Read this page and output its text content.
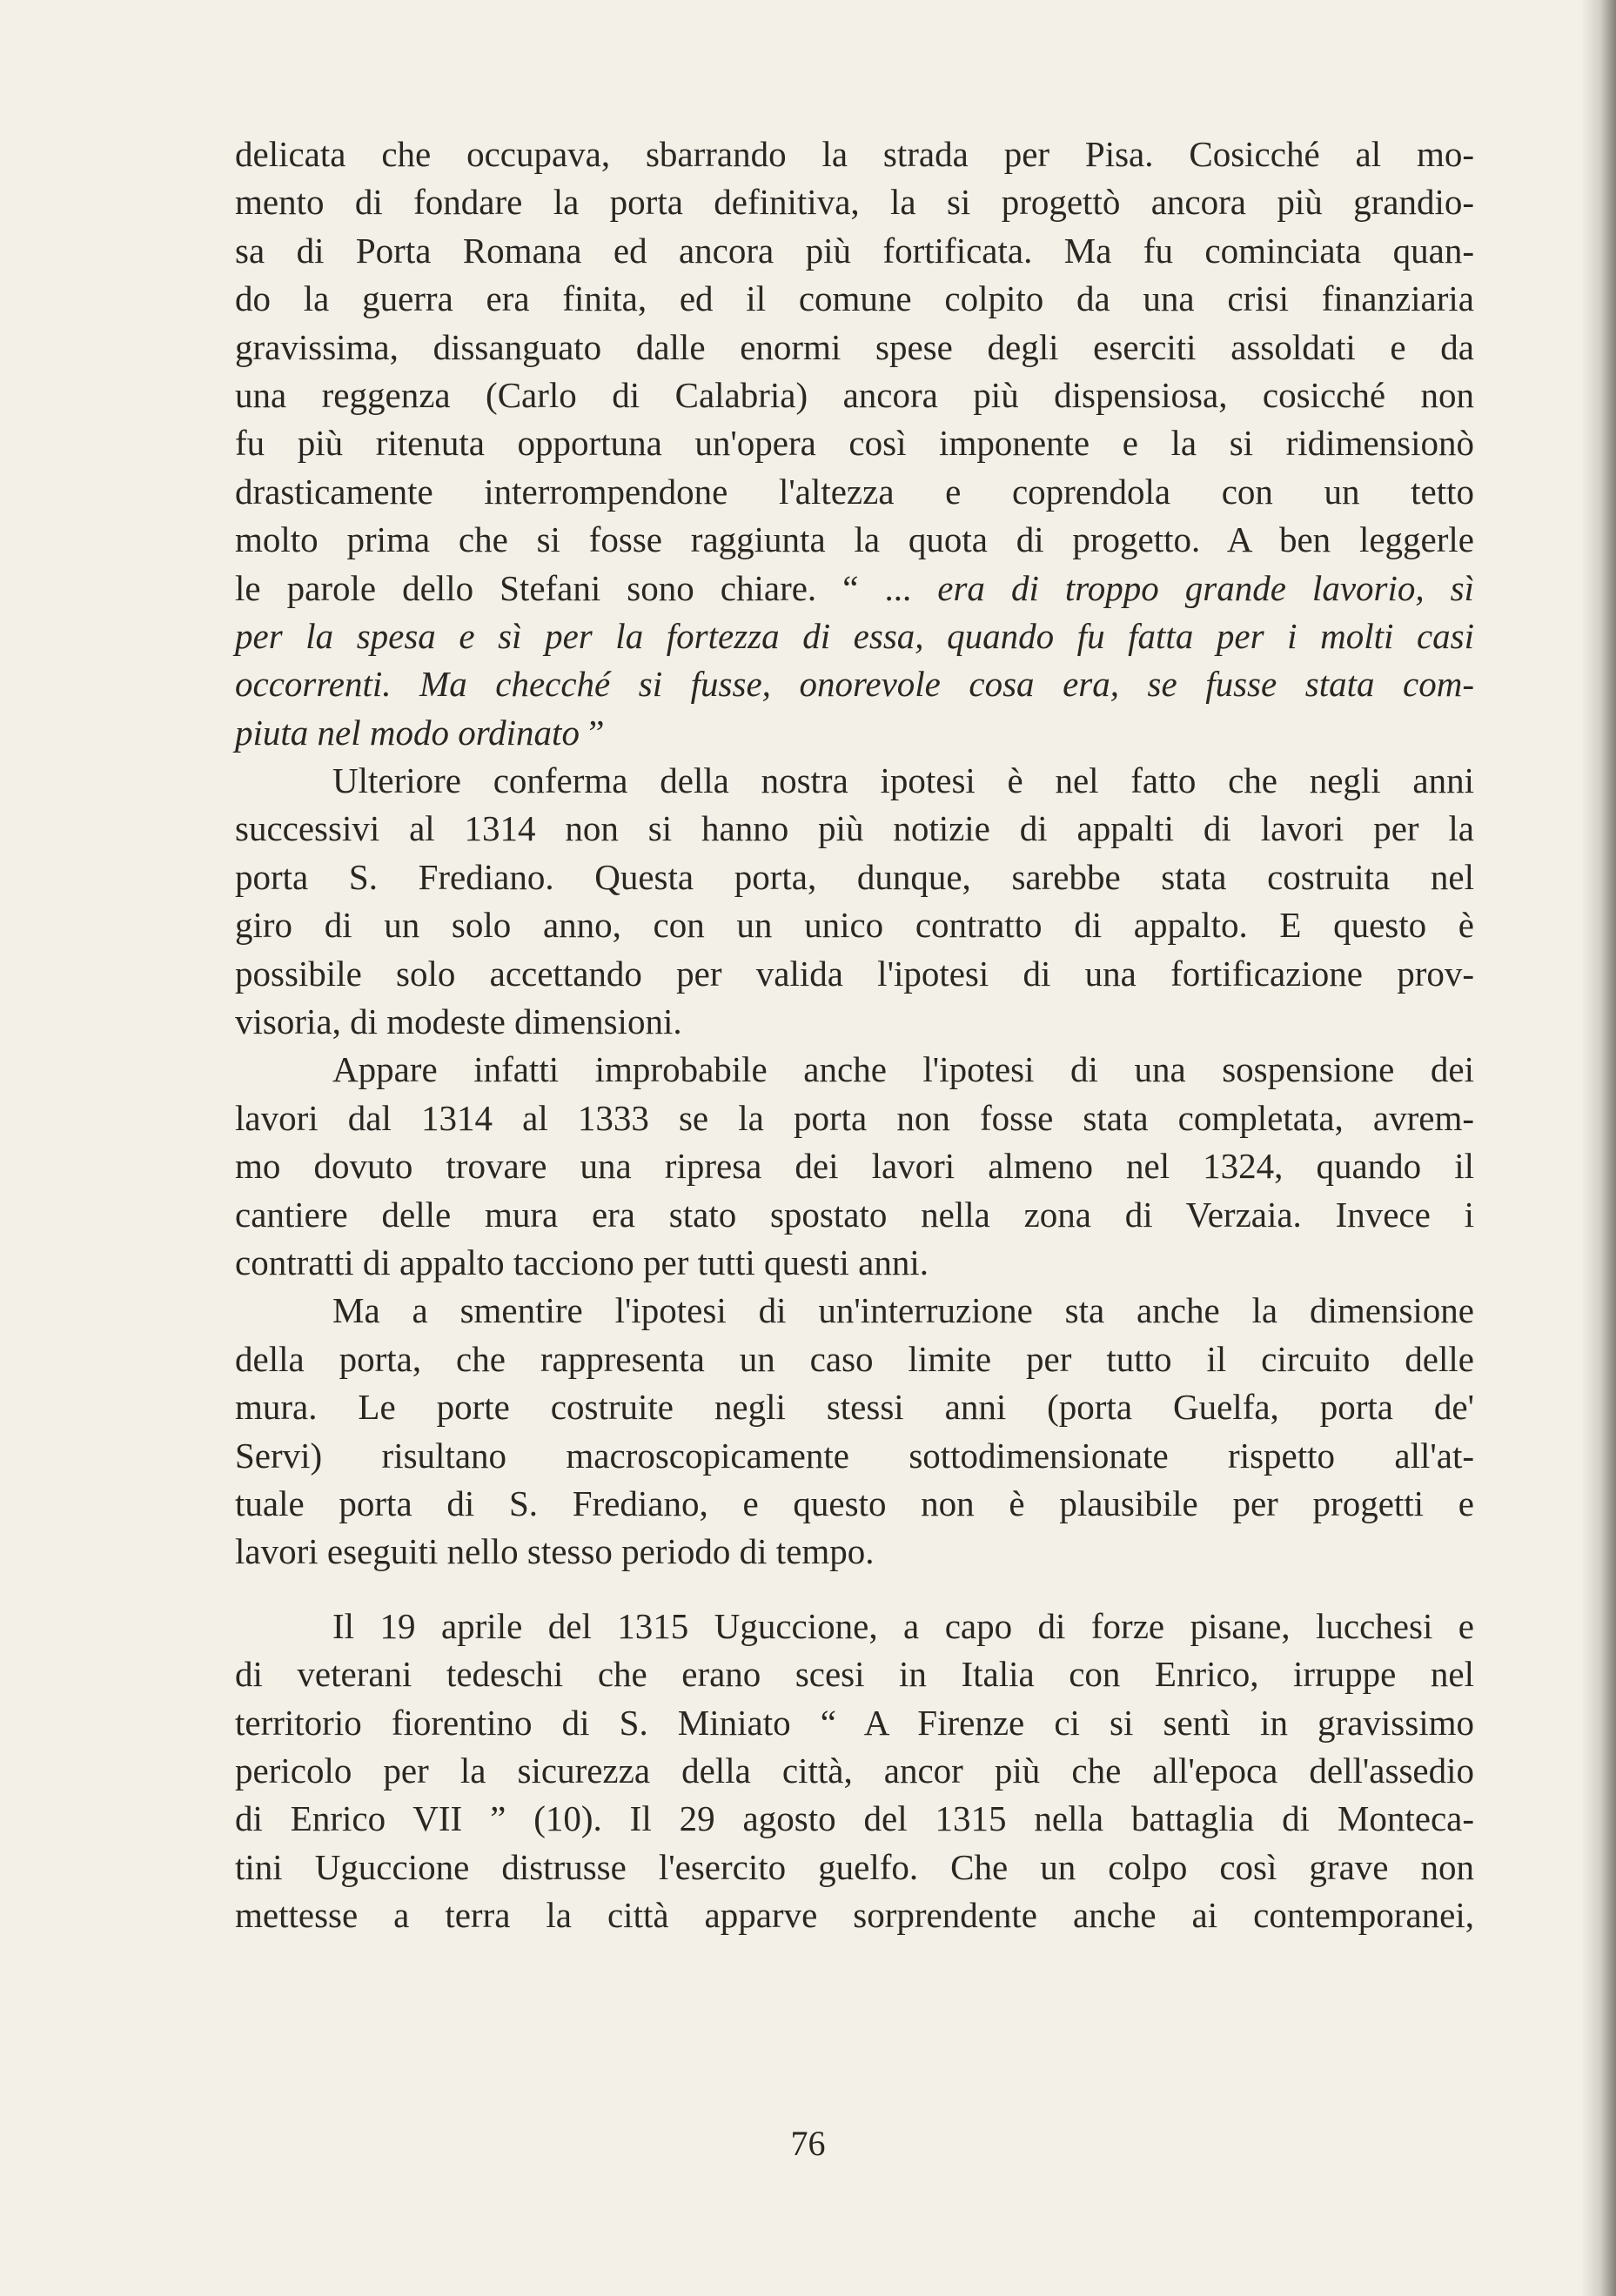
delicata che occupava, sbarrando la strada per Pisa. Cosicché al mo-
mento di fondare la porta definitiva, la si progettò ancora più grandio-
sa di Porta Romana ed ancora più fortificata. Ma fu cominciata quan-
do la guerra era finita, ed il comune colpito da una crisi finanziaria
gravissima, dissanguato dalle enormi spese degli eserciti assoldati e da
una reggenza (Carlo di Calabria) ancora più dispensiosa, cosicché non
fu più ritenuta opportuna un'opera così imponente e la si ridimensionò
drasticamente interrompendone l'altezza e coprendola con un tetto
molto prima che si fosse raggiunta la quota di progetto. A ben leggerle
le parole dello Stefani sono chiare. “ ... era di troppo grande lavorio, sì
per la spesa e sì per la fortezza di essa, quando fu fatta per i molti casi
occorrenti. Ma checché si fusse, onorevole cosa era, se fusse stata com-
piuta nel modo ordinato ”
Ulteriore conferma della nostra ipotesi è nel fatto che negli anni
successivi al 1314 non si hanno più notizie di appalti di lavori per la
porta S. Frediano. Questa porta, dunque, sarebbe stata costruita nel
giro di un solo anno, con un unico contratto di appalto. E questo è
possibile solo accettando per valida l'ipotesi di una fortificazione prov-
visoria, di modeste dimensioni.
Appare infatti improbabile anche l'ipotesi di una sospensione dei
lavori dal 1314 al 1333 se la porta non fosse stata completata, avrem-
mo dovuto trovare una ripresa dei lavori almeno nel 1324, quando il
cantiere delle mura era stato spostato nella zona di Verzaia. Invece i
contratti di appalto tacciono per tutti questi anni.
Ma a smentire l'ipotesi di un'interruzione sta anche la dimensione
della porta, che rappresenta un caso limite per tutto il circuito delle
mura. Le porte costruite negli stessi anni (porta Guelfa, porta de'
Servi) risultano macroscopicamente sottodimensionate rispetto all'at-
tuale porta di S. Frediano, e questo non è plausibile per progetti e
lavori eseguiti nello stesso periodo di tempo.
Il 19 aprile del 1315 Uguccione, a capo di forze pisane, lucchesi e
di veterani tedeschi che erano scesi in Italia con Enrico, irruppe nel
territorio fiorentino di S. Miniato “ A Firenze ci si sentì in gravissimo
pericolo per la sicurezza della città, ancor più che all'epoca dell'assedio
di Enrico VII ” (10). Il 29 agosto del 1315 nella battaglia di Monteca-
tini Uguccione distrusse l'esercito guelfo. Che un colpo così grave non
mettesse a terra la città apparve sorprendente anche ai contemporanei,
76
